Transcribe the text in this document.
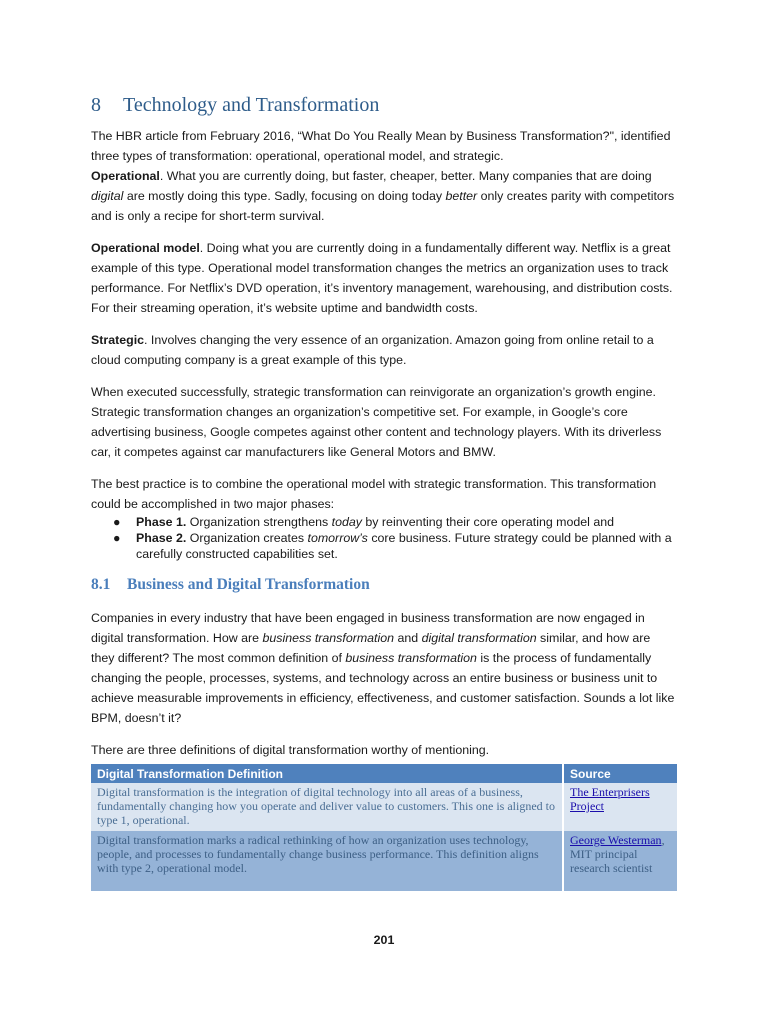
8 Technology and Transformation

The HBR article from February 2016, “What Do You Really Mean by Business Transformation?", identified three types of transformation: operational, operational model, and strategic.

Operational. What you are currently doing, but faster, cheaper, better. Many companies that are doing digital are mostly doing this type. Sadly, focusing on doing today better only creates parity with competitors and is only a recipe for short-term survival.

Operational model. Doing what you are currently doing in a fundamentally different way. Netflix is a great example of this type. Operational model transformation changes the metrics an organization uses to track performance. For Netflix’s DVD operation, it’s inventory management, warehousing, and distribution costs. For their streaming operation, it’s website uptime and bandwidth costs.

Strategic. Involves changing the very essence of an organization. Amazon going from online retail to a cloud computing company is a great example of this type.

When executed successfully, strategic transformation can reinvigorate an organization’s growth engine. Strategic transformation changes an organization’s competitive set. For example, in Google’s core advertising business, Google competes against other content and technology players. With its driverless car, it competes against car manufacturers like General Motors and BMW.

The best practice is to combine the operational model with strategic transformation. This transformation could be accomplished in two major phases:

● Phase 1. Organization strengthens today by reinventing their core operating model and
● Phase 2. Organization creates tomorrow’s core business. Future strategy could be planned with a carefully constructed capabilities set.
8.1 Business and Digital Transformation

Companies in every industry that have been engaged in business transformation are now engaged in digital transformation. How are business transformation and digital transformation similar, and how are they different? The most common definition of business transformation is the process of fundamentally changing the people, processes, systems, and technology across an entire business or business unit to achieve measurable improvements in efficiency, effectiveness, and customer satisfaction. Sounds a lot like BPM, doesn’t it?

There are three definitions of digital transformation worthy of mentioning.

Digital Transformation Definition	Source
Digital transformation is the integration of digital technology into all areas of a business, fundamentally changing how you operate and deliver value to customers. This one is aligned to type 1, operational.	The Enterprisers Project
Digital transformation marks a radical rethinking of how an organization uses technology, people, and processes to fundamentally change business performance. This definition aligns with type 2, operational model.	George Westerman, MIT principal research scientist
201
